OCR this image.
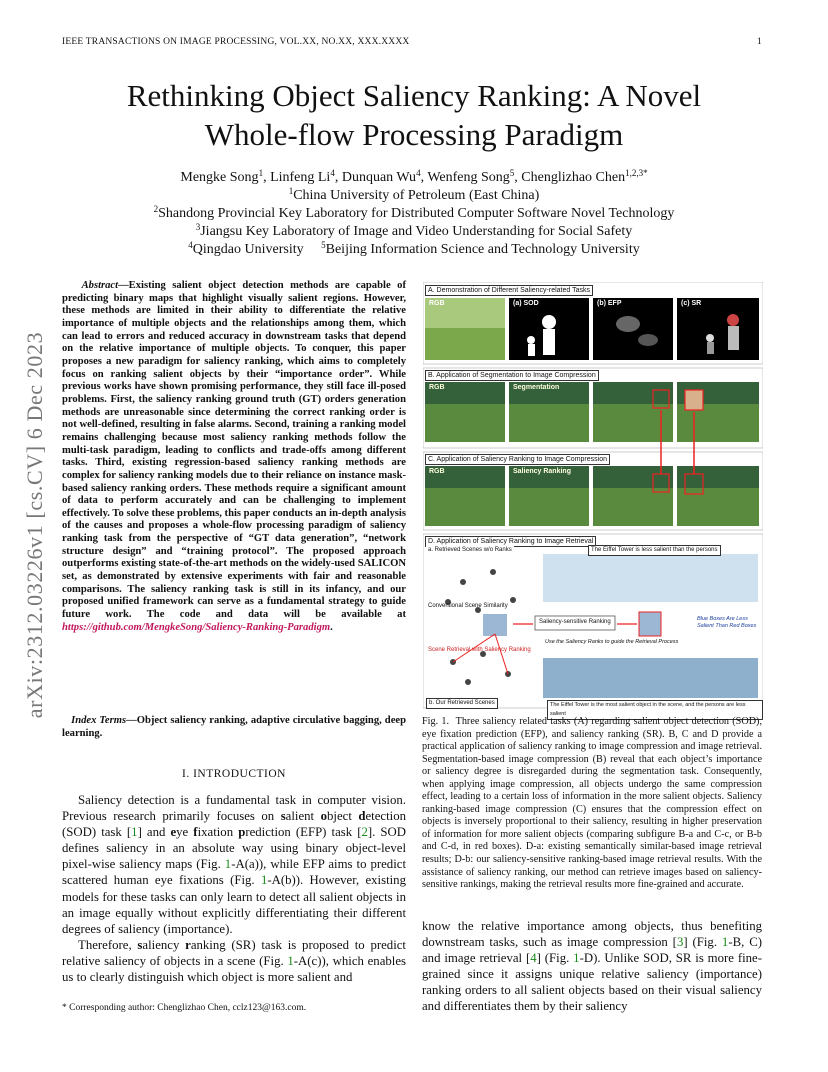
IEEE TRANSACTIONS ON IMAGE PROCESSING, VOL.XX, NO.XX, XXX.XXXX	1
Rethinking Object Saliency Ranking: A Novel
Whole-flow Processing Paradigm
Mengke Song$^1$, Linfeng Li$^4$, Dunquan Wu$^4$, Wenfeng Song$^5$, Chenglizhao Chen$^{1,2,3*}$
$^1$China University of Petroleum (East China)
$^2$Shandong Provincial Key Laboratory for Distributed Computer Software Novel Technology
$^3$Jiangsu Key Laboratory of Image and Video Understanding for Social Safety
$^4$Qingdao University $^5$Beijing Information Science and Technology University
arXiv:2312.03226v1 [cs.CV] 6 Dec 2023
Abstract—Existing salient object detection methods are capable of predicting binary maps that highlight visually salient regions. However, these methods are limited in their ability to differentiate the relative importance of multiple objects and the relationships among them, which can lead to errors and reduced accuracy in downstream tasks that depend on the relative importance of multiple objects. To conquer, this paper proposes a new paradigm for saliency ranking, which aims to completely focus on ranking salient objects by their “importance order”. While previous works have shown promising performance, they still face ill-posed problems. First, the saliency ranking ground truth (GT) orders generation methods are unreasonable since determining the correct ranking order is not well-defined, resulting in false alarms. Second, training a ranking model remains challenging because most saliency ranking methods follow the multi-task paradigm, leading to conflicts and trade-offs among different tasks. Third, existing regression-based saliency ranking methods are complex for saliency ranking models due to their reliance on instance mask-based saliency ranking orders. These methods require a significant amount of data to perform accurately and can be challenging to implement effectively. To solve these problems, this paper conducts an in-depth analysis of the causes and proposes a whole-flow processing paradigm of saliency ranking task from the perspective of “GT data generation”, “network structure design” and “training protocol”. The proposed approach outperforms existing state-of-the-art methods on the widely-used SALICON set, as demonstrated by extensive experiments with fair and reasonable comparisons. The saliency ranking task is still in its infancy, and our proposed unified framework can serve as a fundamental strategy to guide future work. The code and data will be available at https://github.com/MengkeSong/Saliency-Ranking-Paradigm.
Index Terms—Object saliency ranking, adaptive circulative bagging, deep learning.
I. INTRODUCTION

Saliency detection is a fundamental task in computer vision. Previous research primarily focuses on salient object detection (SOD) task [1] and eye fixation prediction (EFP) task [2]. SOD defines saliency in an absolute way using binary object-level pixel-wise saliency maps (Fig. 1-A(a)), while EFP aims to predict scattered human eye fixations (Fig. 1-A(b)). However, existing models for these tasks can only learn to detect all salient objects in an image equally without explicitly differentiating their different degrees of saliency (importance).

Therefore, saliency ranking (SR) task is proposed to predict relative saliency of objects in a scene (Fig. 1-A(c)), which enables us to clearly distinguish which object is more salient and

* Corresponding author: Chenglizhao Chen, cclz123@163.com.

know the relative importance among objects, thus benefiting downstream tasks, such as image compression [3] (Fig. 1-B, C) and image retrieval [4] (Fig. 1-D). Unlike SOD, SR is more fine-grained since it assigns unique relative saliency (importance) ranking orders to all salient objects based on their visual saliency and differentiates them by their saliency

A. Demonstration of Different Saliency-related Tasks
RGB	(a) SOD	(b) EFP	(c) SR
B. Application of Segmentation to Image Compression
RGB	Segmentation
C. Application of Saliency Ranking to Image Compression
RGB	Saliency Ranking
D. Application of Saliency Ranking to Image Retrieval
a. Retrieved Scenes w/o Ranks	The Eiffel Tower is less salient than the persons
Conventional Scene Similarity
Saliency-sensitive Ranking
Use the Saliency Ranks to guide the Retrieval Process
Scene Retrieval with Saliency Ranking
Blue Boxes Are Less Salient Than Red Boxes
b. Our Retrieved Scenes	The Eiffel Tower is the most salient object in the scene, and the persons are less salient
Fig. 1. Three saliency related tasks (A) regarding salient object detection (SOD), eye fixation prediction (EFP), and saliency ranking (SR). B, C and D provide a practical application of saliency ranking to image compression and image retrieval. Segmentation-based image compression (B) reveal that each object’s importance or saliency degree is disregarded during the segmentation task. Consequently, when applying image compression, all objects undergo the same compression effect, leading to a certain loss of information in the more salient objects. Saliency ranking-based image compression (C) ensures that the compression effect on objects is inversely proportional to their saliency, resulting in higher preservation of information for more salient objects (comparing subfigure B-a and C-c, or B-b and C-d, in red boxes). D-a: existing semantically similar-based image retrieval results; D-b: our saliency-sensitive ranking-based image retrieval results. With the assistance of saliency ranking, our method can retrieve images based on saliency-sensitive rankings, making the retrieval results more fine-grained and accurate.
